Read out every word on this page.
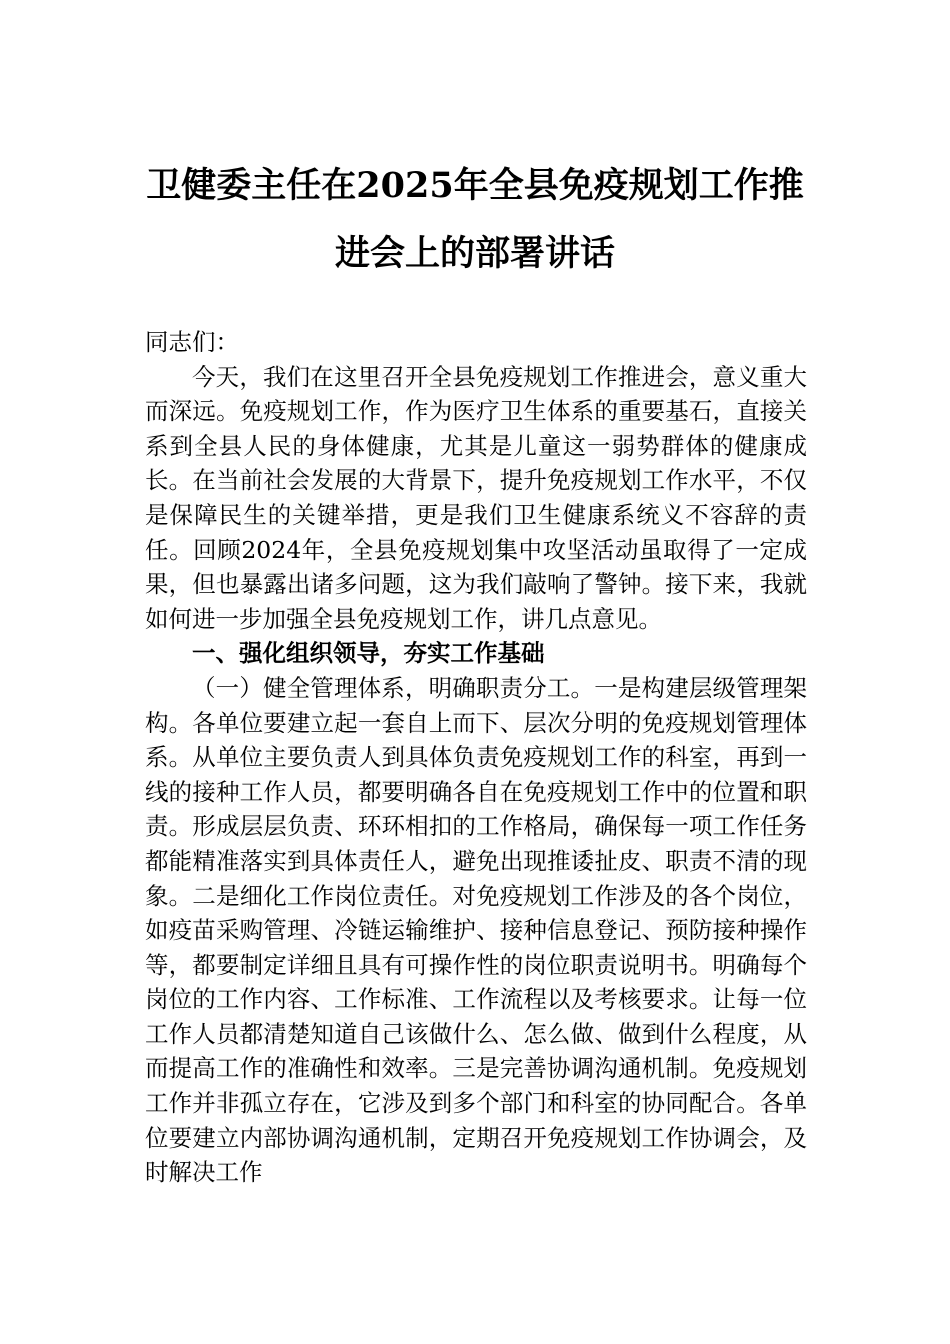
卫健委主任在2025年全县免疫规划工作推
进会上的部署讲话

同志们：

今天，我们在这里召开全县免疫规划工作推进会，意义重大而深远。免疫规划工作，作为医疗卫生体系的重要基石，直接关系到全县人民的身体健康，尤其是儿童这一弱势群体的健康成长。在当前社会发展的大背景下，提升免疫规划工作水平，不仅是保障民生的关键举措，更是我们卫生健康系统义不容辞的责任。回顾2024年，全县免疫规划集中攻坚活动虽取得了一定成果，但也暴露出诸多问题，这为我们敲响了警钟。接下来，我就如何进一步加强全县免疫规划工作，讲几点意见。

一、强化组织领导，夯实工作基础

（一）健全管理体系，明确职责分工。一是构建层级管理架构。各单位要建立起一套自上而下、层次分明的免疫规划管理体系。从单位主要负责人到具体负责免疫规划工作的科室，再到一线的接种工作人员，都要明确各自在免疫规划工作中的位置和职责。形成层层负责、环环相扣的工作格局，确保每一项工作任务都能精准落实到具体责任人，避免出现推诿扯皮、职责不清的现象。二是细化工作岗位责任。对免疫规划工作涉及的各个岗位，如疫苗采购管理、冷链运输维护、接种信息登记、预防接种操作等，都要制定详细且具有可操作性的岗位职责说明书。明确每个岗位的工作内容、工作标准、工作流程以及考核要求。让每一位工作人员都清楚知道自己该做什么、怎么做、做到什么程度，从而提高工作的准确性和效率。三是完善协调沟通机制。免疫规划工作并非孤立存在，它涉及到多个部门和科室的协同配合。各单位要建立内部协调沟通机制，定期召开免疫规划工作协调会，及时解决工作
